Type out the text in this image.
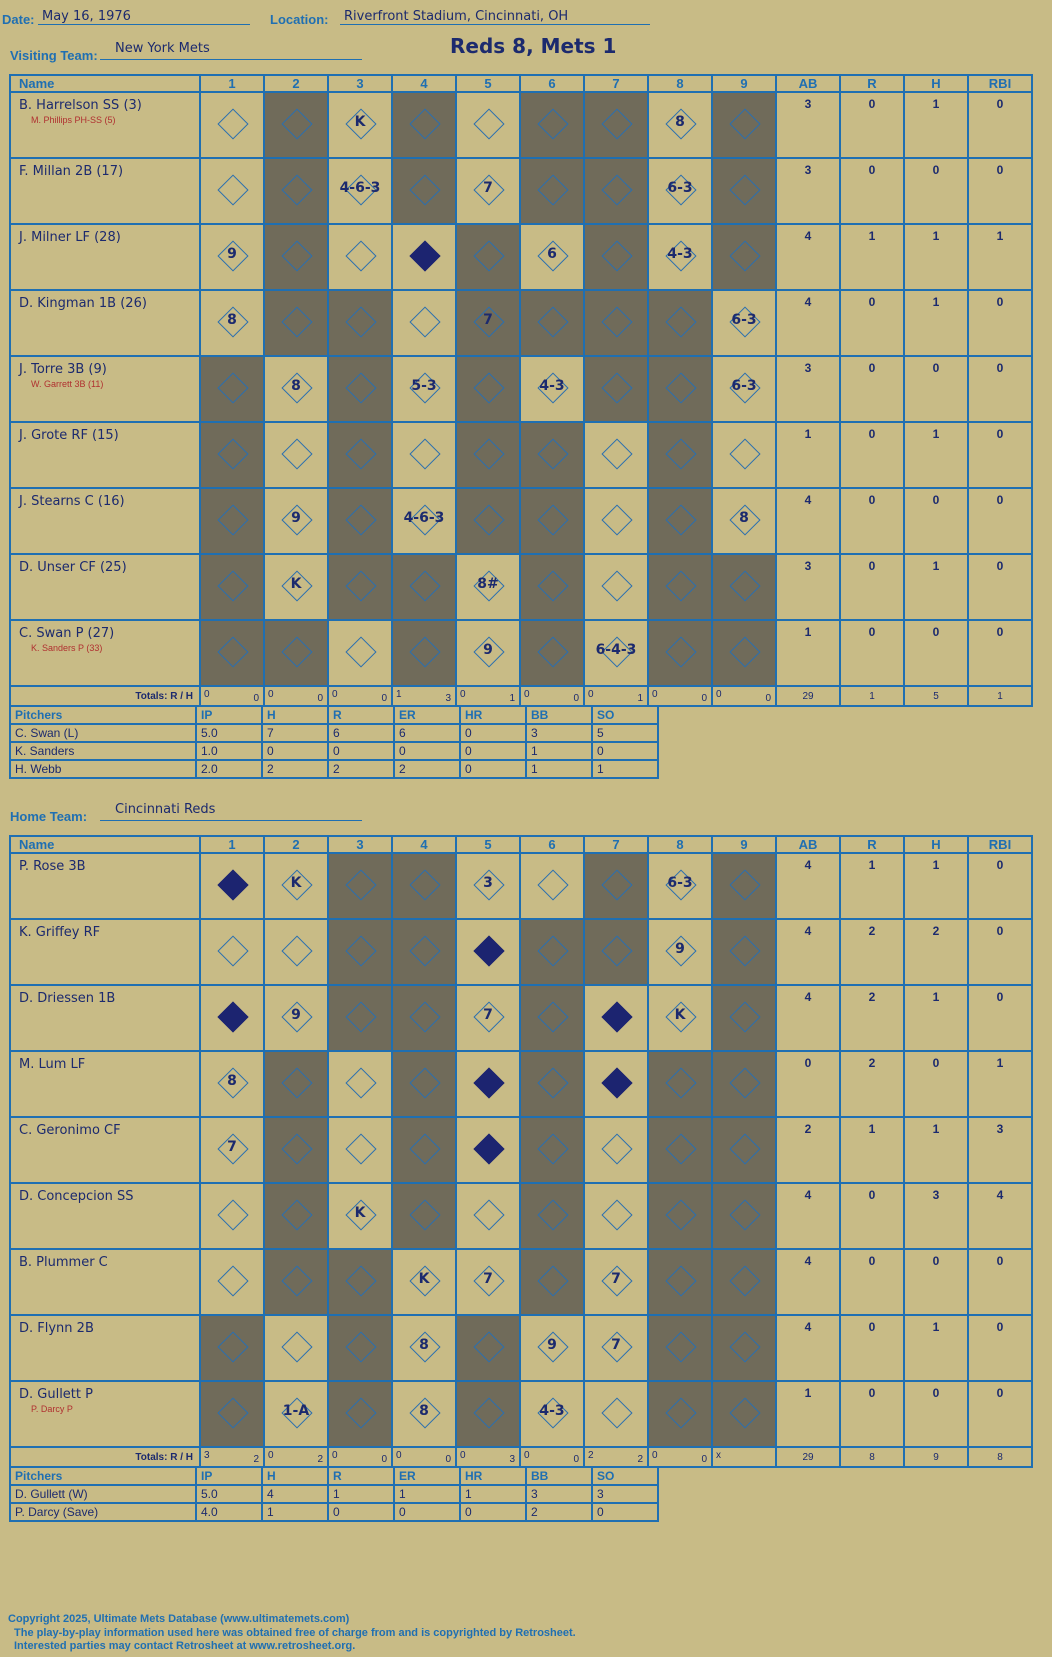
Date: May 16, 1976	Location: Riverfront Stadium, Cincinnati, OH
Reds 8, Mets 1
Visiting Team: New York Mets
Name	1	2	3	4	5	6	7	8	9	AB	R	H	RBI

B. Harrelson SS (3)
M. Phillips PH-SS (5)			K					8		3	0	1	0

F. Millan 2B (17)			4-6-3		7			6-3		3	0	0	0

J. Milner LF (28)	9					6		4-3		4	1	1	1

D. Kingman 1B (26)	8				7				6-3	4	0	1	0

J. Torre 3B (9)
W. Garrett 3B (11)		8		5-3		4-3			6-3	3	0	0	0

J. Grote RF (15)										1	0	1	0

J. Stearns C (16)		9		4-6-3					8	4	0	0	0

D. Unser CF (25)		K			8#					3	0	1	0

C. Swan P (27)
K. Sanders P (33)					9		6-4-3			1	0	0	0
Totals: R / H	0 0	0 0	0 0	1 3	0 1	0 0	0 1	0 0	0 0	29	1	5	1
Pitchers	IP	H	R	ER	HR	BB	SO
C. Swan (L)	5.0	7	6	6	0	3	5
K. Sanders	1.0	0	0	0	0	1	0
H. Webb	2.0	2	2	2	0	1	1
Home Team: Cincinnati Reds
Name	1	2	3	4	5	6	7	8	9	AB	R	H	RBI

P. Rose 3B		K			3			6-3		4	1	1	0

K. Griffey RF								9		4	2	2	0

D. Driessen 1B		9			7			K		4	2	1	0

M. Lum LF	8									0	2	0	1

C. Geronimo CF	7									2	1	1	3

D. Concepcion SS			K							4	0	3	4

B. Plummer C				K	7		7			4	0	0	0

D. Flynn 2B				8		9	7			4	0	1	0

D. Gullett P
P. Darcy P		1-A		8		4-3				1	0	0	0
Totals: R / H	3 2	0 2	0 0	0 0	0 3	0 0	2 2	0 0	x	29	8	9	8
Pitchers	IP	H	R	ER	HR	BB	SO
D. Gullett (W)	5.0	4	1	1	1	3	3
P. Darcy (Save)	4.0	1	0	0	0	2	0
Copyright 2025, Ultimate Mets Database (www.ultimatemets.com)
The play-by-play information used here was obtained free of charge from and is copyrighted by Retrosheet.
Interested parties may contact Retrosheet at www.retrosheet.org.
